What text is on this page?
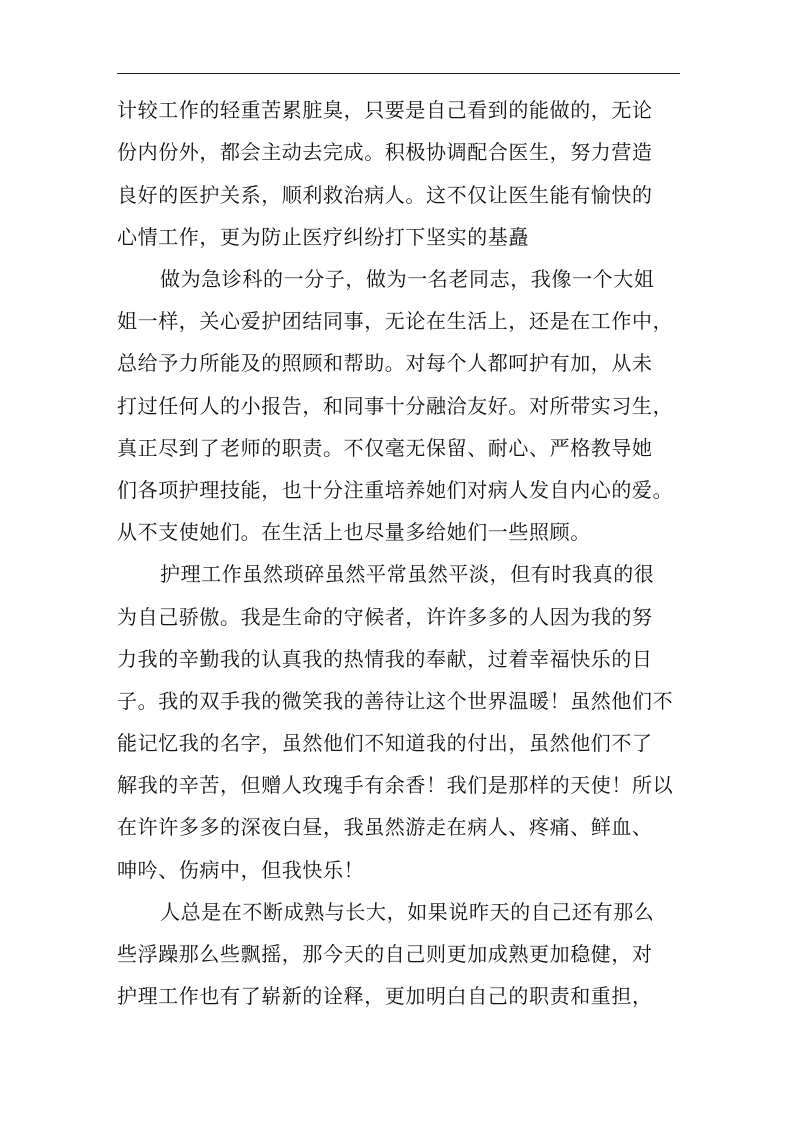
计较工作的轻重苦累脏臭，只要是自己看到的能做的，无论
份内份外，都会主动去完成。积极协调配合医生，努力营造
良好的医护关系，顺利救治病人。这不仅让医生能有愉快的
心情工作，更为防止医疗纠纷打下坚实的基矗
做为急诊科的一分子，做为一名老同志，我像一个大姐
姐一样，关心爱护团结同事，无论在生活上，还是在工作中，
总给予力所能及的照顾和帮助。对每个人都呵护有加，从未
打过任何人的小报告，和同事十分融洽友好。对所带实习生，
真正尽到了老师的职责。不仅毫无保留、耐心、严格教导她
们各项护理技能，也十分注重培养她们对病人发自内心的爱。
从不支使她们。在生活上也尽量多给她们一些照顾。
护理工作虽然琐碎虽然平常虽然平淡，但有时我真的很
为自己骄傲。我是生命的守候者，许许多多的人因为我的努
力我的辛勤我的认真我的热情我的奉献，过着幸福快乐的日
子。我的双手我的微笑我的善待让这个世界温暖！虽然他们不
能记忆我的名字，虽然他们不知道我的付出，虽然他们不了
解我的辛苦，但赠人玫瑰手有余香！我们是那样的天使！所以
在许许多多的深夜白昼，我虽然游走在病人、疼痛、鲜血、
呻吟、伤病中，但我快乐！
人总是在不断成熟与长大，如果说昨天的自己还有那么
些浮躁那么些飘摇，那今天的自己则更加成熟更加稳健，对
护理工作也有了崭新的诠释，更加明白自己的职责和重担，
